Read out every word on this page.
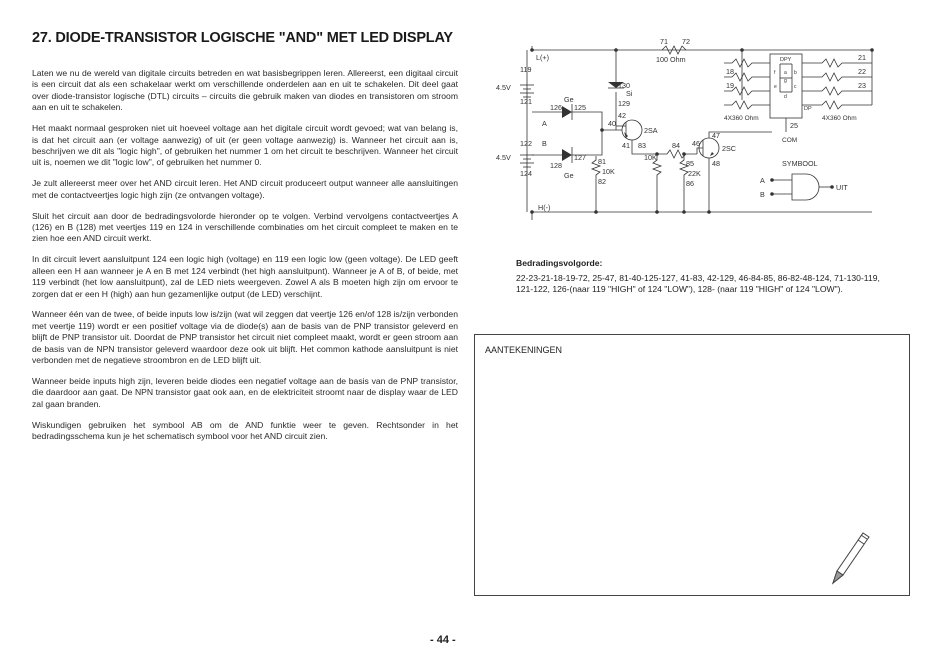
27. DIODE-TRANSISTOR LOGISCHE "AND" MET LED DISPLAY

Laten we nu de wereld van digitale circuits betreden en wat basisbegrippen leren. Allereerst, een digitaal circuit is een circuit dat als een schakelaar werkt om verschillende onderdelen aan en uit te schakelen. Dit deel gaat over diode-transistor logische (DTL) circuits – circuits die gebruik maken van diodes en transistoren om stroom aan en uit te schakelen.

Het maakt normaal gesproken niet uit hoeveel voltage aan het digitale circuit wordt gevoed; wat van belang is, is dat het circuit aan (er voltage aanwezig) of uit (er geen voltage aanwezig) is. Wanneer het circuit aan is, beschrijven we dit als "logic high", of gebruiken het nummer 1 om het circuit te beschrijven. Wanneer het circuit uit is, noemen we dit "logic low", of gebruiken het nummer 0.

Je zult allereerst meer over het AND circuit leren. Het AND circuit produceert output wanneer alle aansluitingen met de contactveertjes logic high zijn (ze ontvangen voltage).

Sluit het circuit aan door de bedradingsvolorde hieronder op te volgen. Verbind vervolgens contactveertjes A (126) en B (128) met veertjes 119 en 124 in verschillende combinaties om het circuit compleet te maken en te zien hoe een AND circuit werkt.

In dit circuit levert aansluitpunt 124 een logic high (voltage) en 119 een logic low (geen voltage). De LED geeft alleen een H aan wanneer je A en B met 124 verbindt (het high aansluitpunt). Wanneer je A of B, of beide, met 119 verbindt (het low aansluitpunt), zal de LED niets weergeven. Zowel A als B moeten high zijn om ervoor te zorgen dat er een H (high) aan hun gezamenlijke output (de LED) verschijnt.

Wanneer één van de twee, of beide inputs low is/zijn (wat wil zeggen dat veertje 126 en/of 128 is/zijn verbonden met veertje 119) wordt er een positief voltage via de diode(s) aan de basis van de PNP transistor geleverd en blijft de PNP transistor uit. Doordat de PNP transistor het circuit niet compleet maakt, wordt er geen stroom aan de basis van de NPN transistor geleverd waardoor deze ook uit blijft. Het common kathode aansluitpunt is niet verbonden met de negatieve stroombron en de LED blijft uit.

Wanneer beide inputs high zijn, leveren beide diodes een negatief voltage aan de basis van de PNP transistor, die daardoor aan gaat. De NPN transistor gaat ook aan, en de elektriciteit stroomt naar de display waar de LED zal gaan branden.

Wiskundigen gebruiken het symbool AB om de AND funktie weer te geven. Rechtsonder in het bedradingsschema kun je het schematisch symbool voor het AND circuit zien.

L(+)
H(-)
4.5V
4.5V
119
121
122
124
Ge
126 125
A
B
128
127
Ge
71 72
100 Ohm
130
Si
129
42
40
2SA
41 83	84 46
47
2SC
48
81
10K
82
10K
85
22K
86
18
19
21
22
23
25
DPY
a b
c
d
e
f
g
DP
4X360 Ohm	4X360 Ohm
COM
SYMBOOL
A
B
UIT
Bedradingsvolgorde:
22-23-21-18-19-72, 25-47, 81-40-125-127, 41-83, 42-129, 46-84-85, 86-82-48-124, 71-130-119, 121-122, 126-(naar 119 "HIGH" of 124 "LOW"), 128- (naar 119 "HIGH" of 124 "LOW").
AANTEKENINGEN
- 44 -
